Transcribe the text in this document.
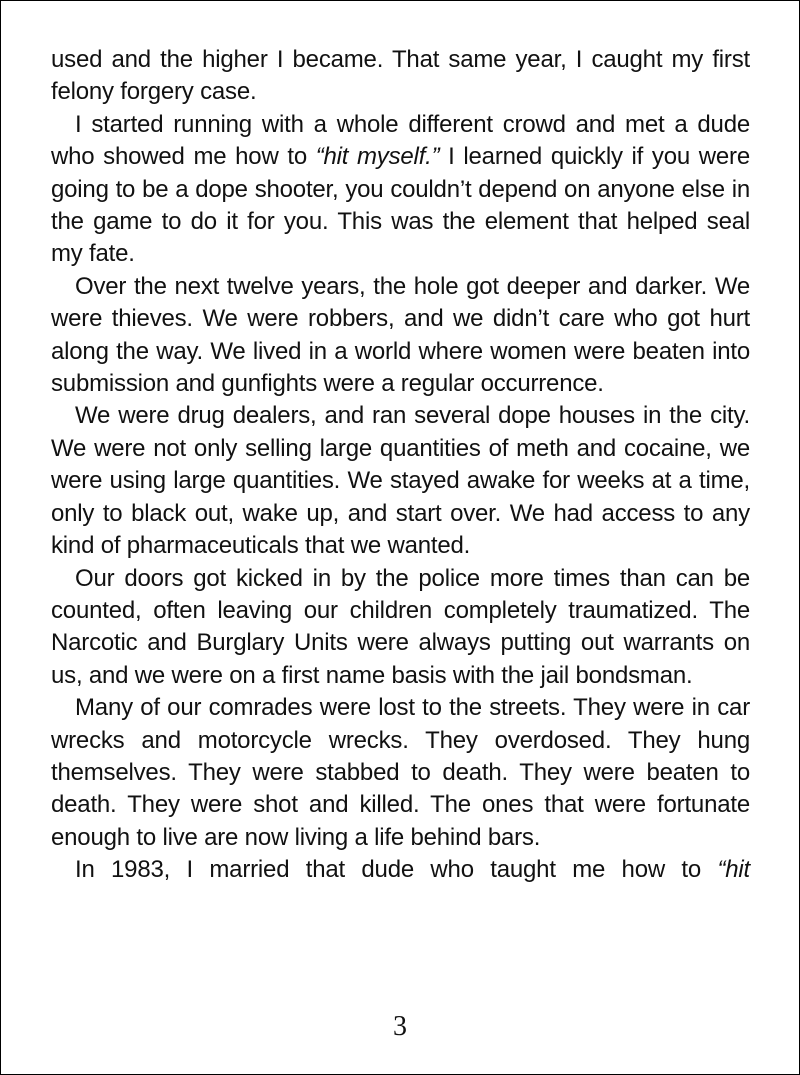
used and the higher I became. That same year, I caught my first felony forgery case.

I started running with a whole different crowd and met a dude who showed me how to “hit myself.” I learned quickly if you were going to be a dope shooter, you couldn’t depend on anyone else in the game to do it for you. This was the element that helped seal my fate.

Over the next twelve years, the hole got deeper and darker. We were thieves. We were robbers, and we didn’t care who got hurt along the way. We lived in a world where women were beaten into submission and gunfights were a regular occurrence.

We were drug dealers, and ran several dope houses in the city. We were not only selling large quantities of meth and cocaine, we were using large quantities. We stayed awake for weeks at a time, only to black out, wake up, and start over. We had access to any kind of pharmaceuticals that we wanted.

Our doors got kicked in by the police more times than can be counted, often leaving our children completely traumatized. The Narcotic and Burglary Units were always putting out warrants on us, and we were on a first name basis with the jail bondsman.

Many of our comrades were lost to the streets. They were in car wrecks and motorcycle wrecks. They overdosed. They hung themselves. They were stabbed to death. They were beaten to death. They were shot and killed. The ones that were fortunate enough to live are now living a life behind bars.

In 1983, I married that dude who taught me how to “hit

3
